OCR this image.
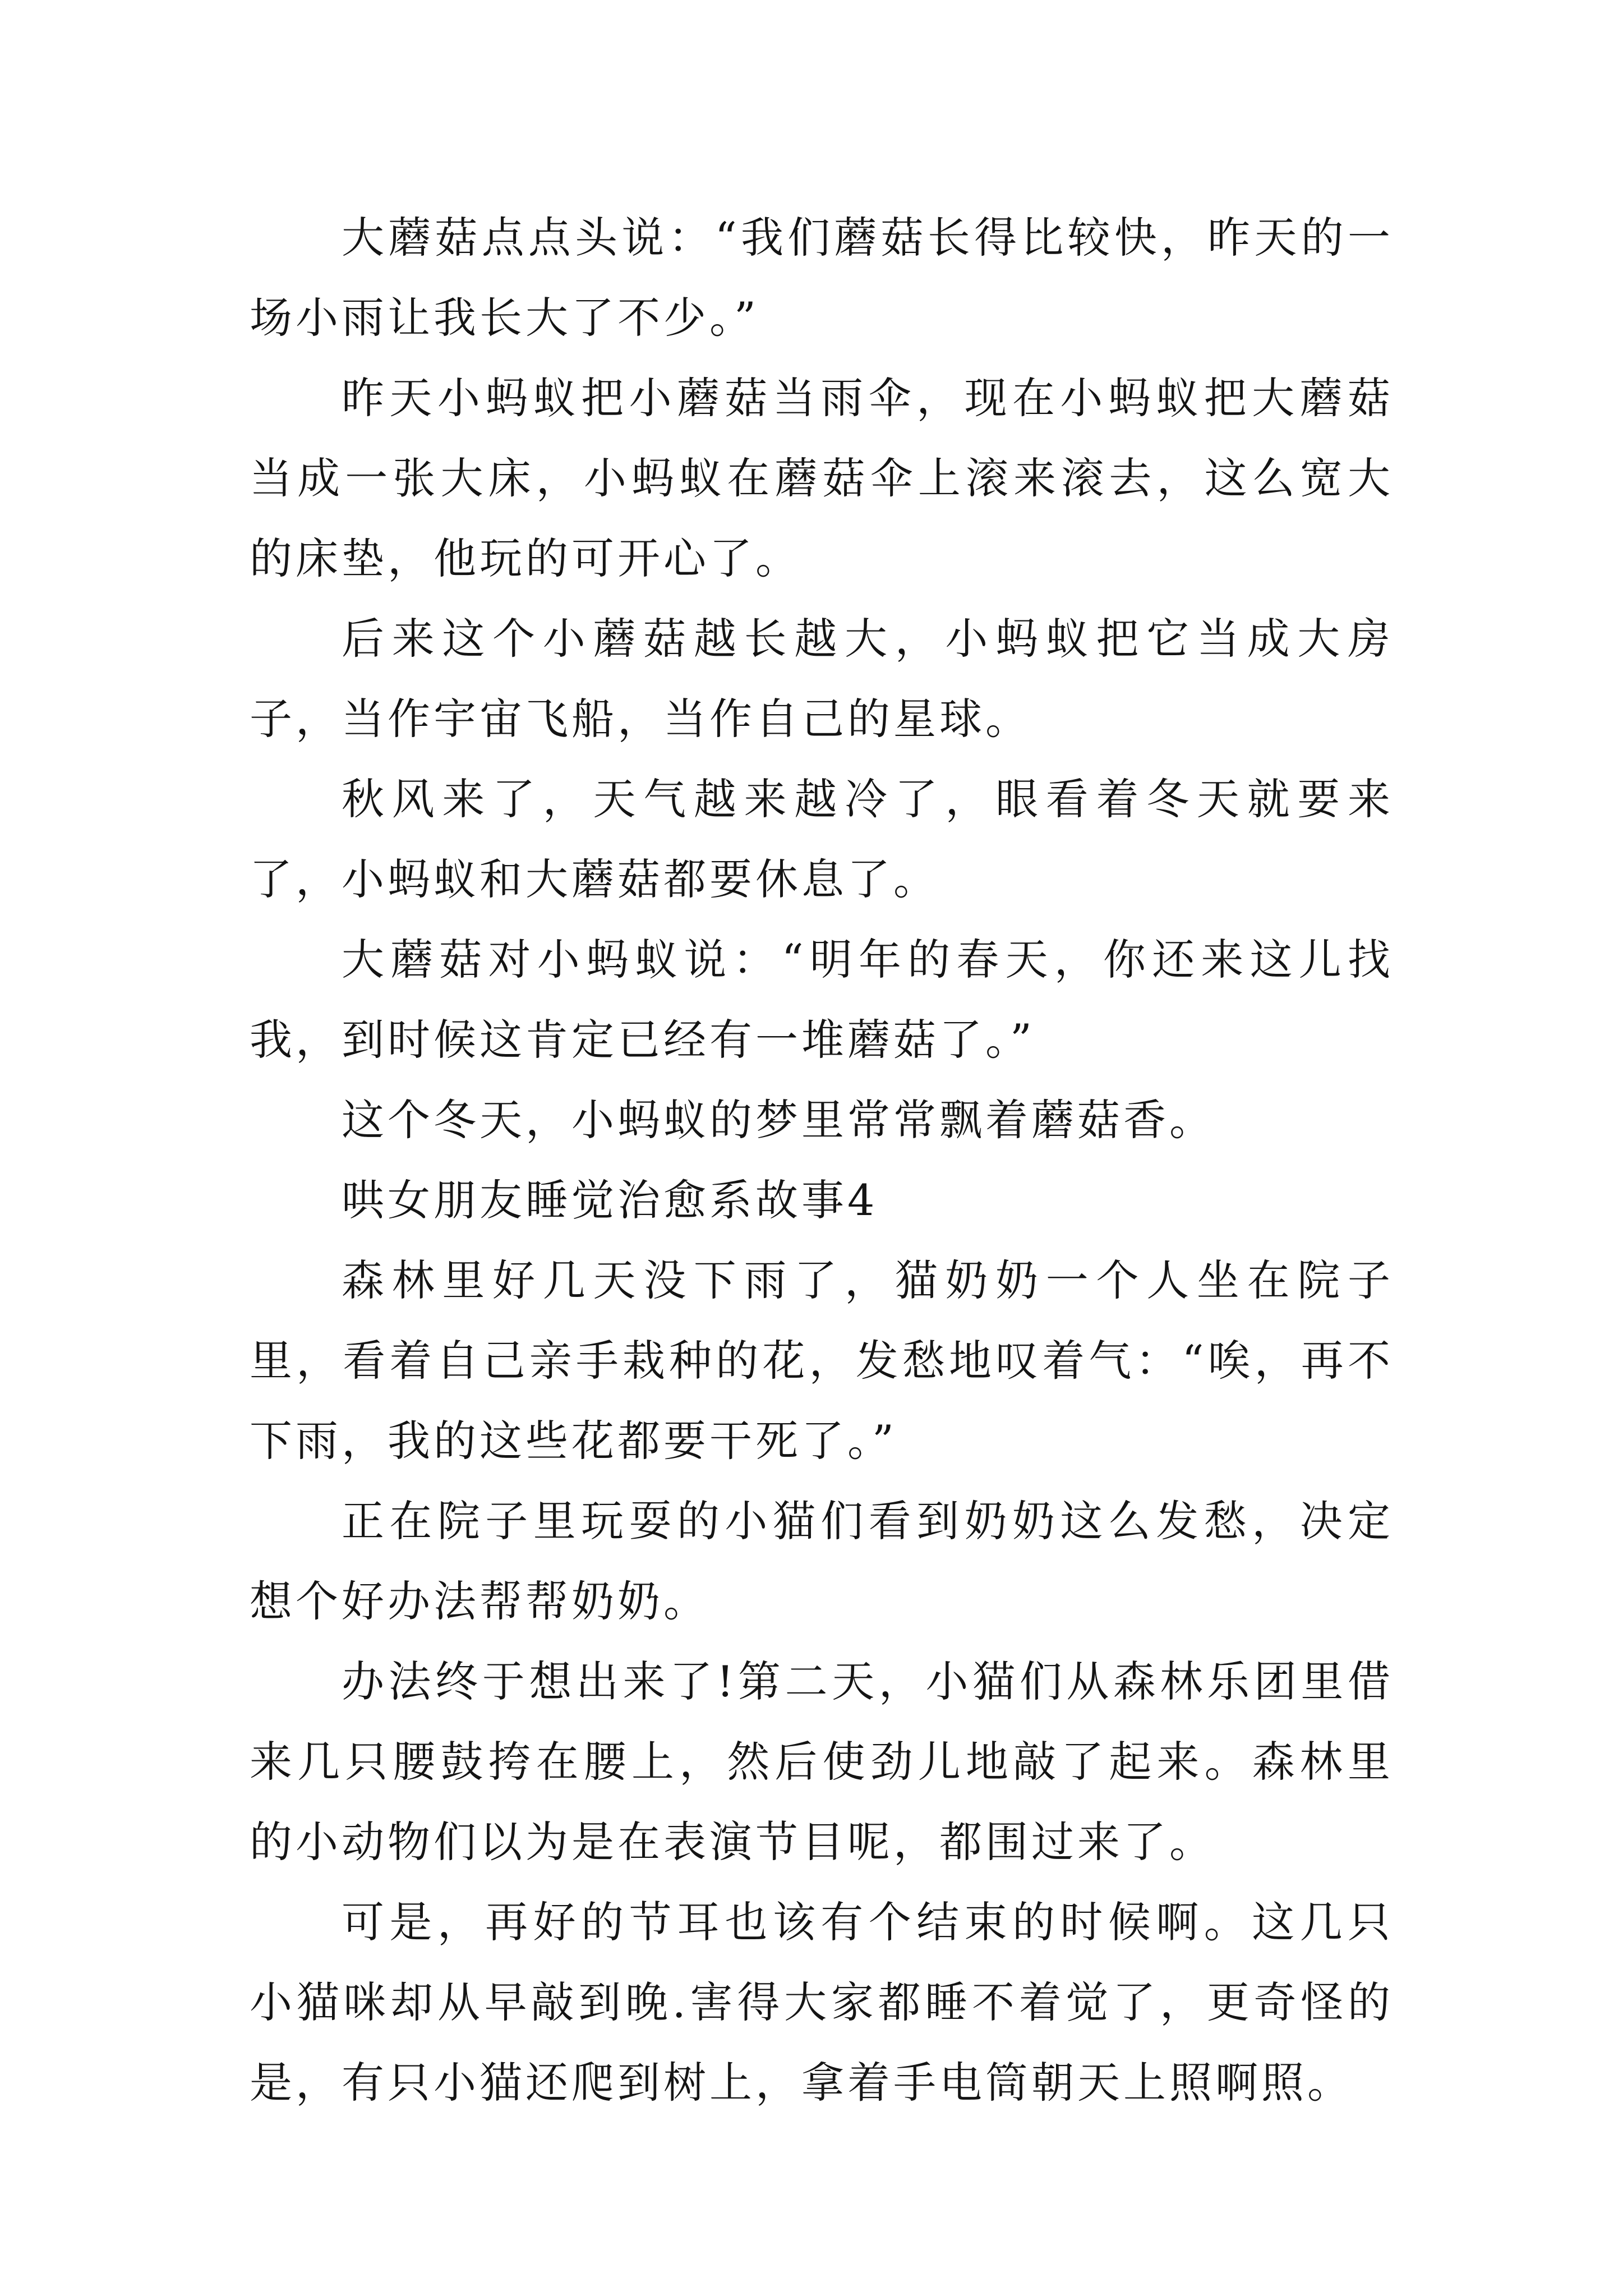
大蘑菇点点头说：“我们蘑菇长得比较快，昨天的一场小雨让我长大了不少。”

昨天小蚂蚁把小蘑菇当雨伞，现在小蚂蚁把大蘑菇当成一张大床，小蚂蚁在蘑菇伞上滚来滚去，这么宽大的床垫，他玩的可开心了。

后来这个小蘑菇越长越大，小蚂蚁把它当成大房子，当作宇宙飞船，当作自己的星球。

秋风来了，天气越来越冷了，眼看着冬天就要来了，小蚂蚁和大蘑菇都要休息了。

大蘑菇对小蚂蚁说：“明年的春天，你还来这儿找我，到时候这肯定已经有一堆蘑菇了。”

这个冬天，小蚂蚁的梦里常常飘着蘑菇香。

哄女朋友睡觉治愈系故事4

森林里好几天没下雨了，猫奶奶一个人坐在院子里，看着自己亲手栽种的花，发愁地叹着气：“唉，再不下雨，我的这些花都要干死了。”

正在院子里玩耍的小猫们看到奶奶这么发愁，决定想个好办法帮帮奶奶。

办法终于想出来了!第二天，小猫们从森林乐团里借来几只腰鼓挎在腰上，然后使劲儿地敲了起来。森林里的小动物们以为是在表演节目呢，都围过来了。

可是，再好的节耳也该有个结束的时候啊。这几只小猫咪却从早敲到晚.害得大家都睡不着觉了，更奇怪的是，有只小猫还爬到树上，拿着手电筒朝天上照啊照。
